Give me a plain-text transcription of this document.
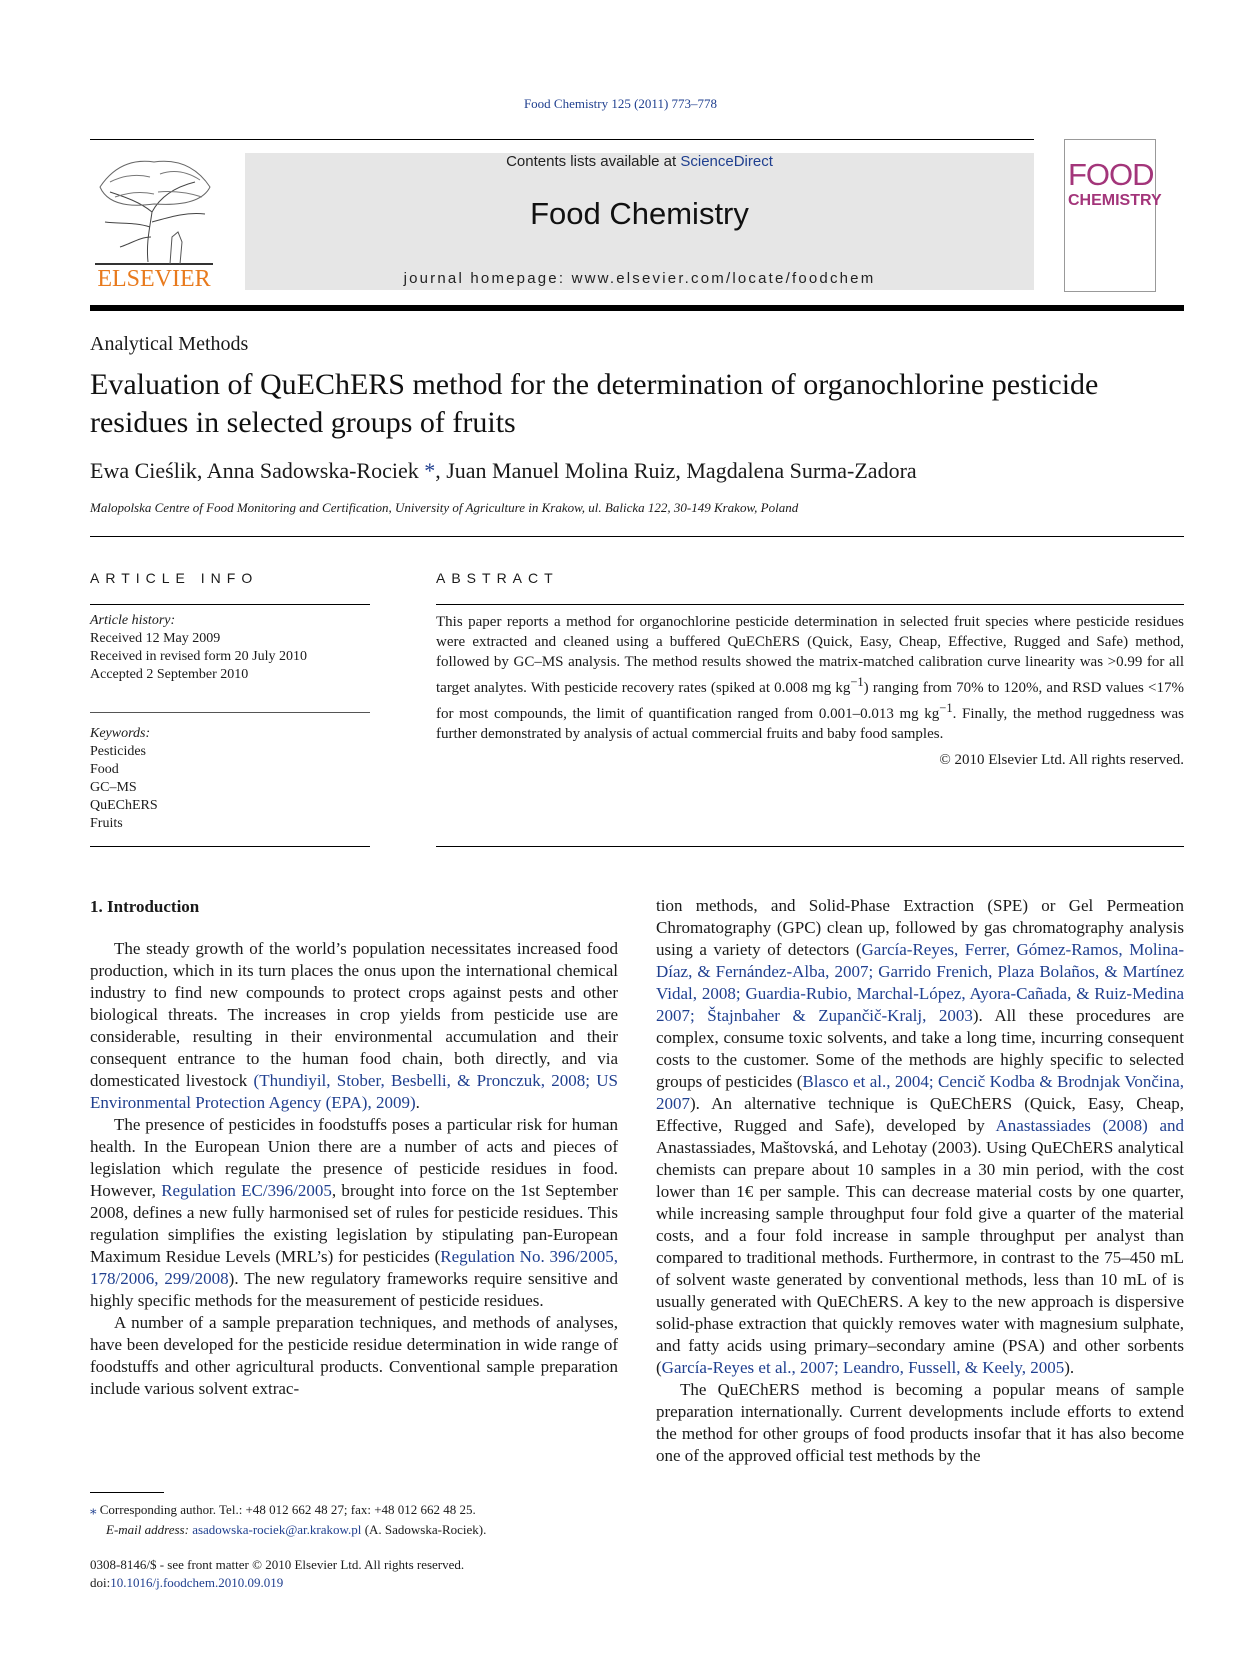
Food Chemistry 125 (2011) 773–778
ELSEVIER
Contents lists available at ScienceDirect
Food Chemistry
journal homepage: www.elsevier.com/locate/foodchem
FOOD
CHEMISTRY
Analytical Methods
Evaluation of QuEChERS method for the determination of organochlorine pesticide residues in selected groups of fruits
Ewa Cieślik, Anna Sadowska-Rociek *, Juan Manuel Molina Ruiz, Magdalena Surma-Zadora
Malopolska Centre of Food Monitoring and Certification, University of Agriculture in Krakow, ul. Balicka 122, 30-149 Krakow, Poland
ARTICLE INFO	ABSTRACT
Article history:
Received 12 May 2009
Received in revised form 20 July 2010
Accepted 2 September 2010
Keywords:
Pesticides
Food
GC–MS
QuEChERS
Fruits
This paper reports a method for organochlorine pesticide determination in selected fruit species where pesticide residues were extracted and cleaned using a buffered QuEChERS (Quick, Easy, Cheap, Effective, Rugged and Safe) method, followed by GC–MS analysis. The method results showed the matrix-matched calibration curve linearity was >0.99 for all target analytes. With pesticide recovery rates (spiked at 0.008 mg $kg^{-1}$) ranging from 70% to 120%, and RSD values <17% for most compounds, the limit of quantification ranged from 0.001–0.013 mg $kg^{-1}$. Finally, the method ruggedness was further demonstrated by analysis of actual commercial fruits and baby food samples.
© 2010 Elsevier Ltd. All rights reserved.
1. Introduction

The steady growth of the world’s population necessitates increased food production, which in its turn places the onus upon the international chemical industry to find new compounds to protect crops against pests and other biological threats. The increases in crop yields from pesticide use are considerable, resulting in their environmental accumulation and their consequent entrance to the human food chain, both directly, and via domesticated livestock (Thundiyil, Stober, Besbelli, & Pronczuk, 2008; US Environmental Protection Agency (EPA), 2009).

The presence of pesticides in foodstuffs poses a particular risk for human health. In the European Union there are a number of acts and pieces of legislation which regulate the presence of pesticide residues in food. However, Regulation EC/396/2005, brought into force on the 1st September 2008, defines a new fully harmonised set of rules for pesticide residues. This regulation simplifies the existing legislation by stipulating pan-European Maximum Residue Levels (MRL’s) for pesticides (Regulation No. 396/2005, 178/2006, 299/2008). The new regulatory frameworks require sensitive and highly specific methods for the measurement of pesticide residues.

A number of a sample preparation techniques, and methods of analyses, have been developed for the pesticide residue determination in wide range of foodstuffs and other agricultural products. Conventional sample preparation include various solvent extrac-

tion methods, and Solid-Phase Extraction (SPE) or Gel Permeation Chromatography (GPC) clean up, followed by gas chromatography analysis using a variety of detectors (García-Reyes, Ferrer, Gómez-Ramos, Molina-Díaz, & Fernández-Alba, 2007; Garrido Frenich, Plaza Bolaños, & Martínez Vidal, 2008; Guardia-Rubio, Marchal-López, Ayora-Cañada, & Ruiz-Medina 2007; Štajnbaher & Zupančič-Kralj, 2003). All these procedures are complex, consume toxic solvents, and take a long time, incurring consequent costs to the customer. Some of the methods are highly specific to selected groups of pesticides (Blasco et al., 2004; Cencič Kodba & Brodnjak Vončina, 2007). An alternative technique is QuEChERS (Quick, Easy, Cheap, Effective, Rugged and Safe), developed by Anastassiades (2008) and Anastassiades, Maštovská, and Lehotay (2003). Using QuEChERS analytical chemists can prepare about 10 samples in a 30 min period, with the cost lower than 1€ per sample. This can decrease material costs by one quarter, while increasing sample throughput four fold give a quarter of the material costs, and a four fold increase in sample throughput per analyst than compared to traditional methods. Furthermore, in contrast to the 75–450 mL of solvent waste generated by conventional methods, less than 10 mL of is usually generated with QuEChERS. A key to the new approach is dispersive solid-phase extraction that quickly removes water with magnesium sulphate, and fatty acids using primary–secondary amine (PSA) and other sorbents (García-Reyes et al., 2007; Leandro, Fussell, & Keely, 2005).

The QuEChERS method is becoming a popular means of sample preparation internationally. Current developments include efforts to extend the method for other groups of food products insofar that it has also become one of the approved official test methods by the

⁎ Corresponding author. Tel.: +48 012 662 48 27; fax: +48 012 662 48 25.
E-mail address: asadowska-rociek@ar.krakow.pl (A. Sadowska-Rociek).
0308-8146/$ - see front matter © 2010 Elsevier Ltd. All rights reserved.
doi:10.1016/j.foodchem.2010.09.019
